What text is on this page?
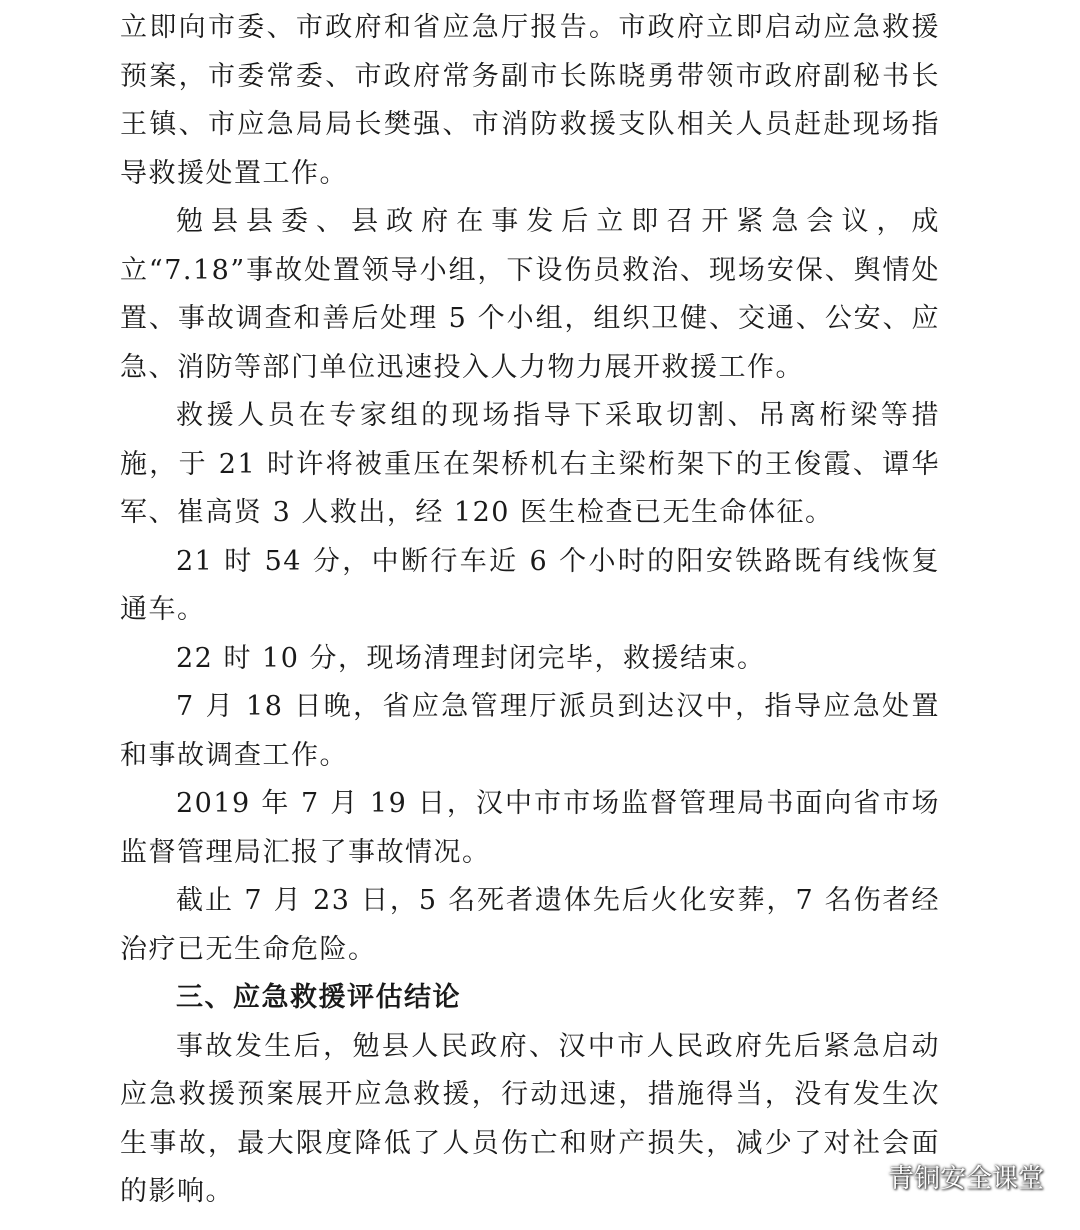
立即向市委、市政府和省应急厅报告。市政府立即启动应急救援预案，市委常委、市政府常务副市长陈晓勇带领市政府副秘书长王镇、市应急局局长樊强、市消防救援支队相关人员赶赴现场指导救援处置工作。

勉县县委、县政府在事发后立即召开紧急会议，成立“7.18”事故处置领导小组，下设伤员救治、现场安保、舆情处置、事故调查和善后处理 5 个小组，组织卫健、交通、公安、应急、消防等部门单位迅速投入人力物力展开救援工作。

救援人员在专家组的现场指导下采取切割、吊离桁梁等措施，于 21 时许将被重压在架桥机右主梁桁架下的王俊霞、谭华军、崔高贤 3 人救出，经 120 医生检查已无生命体征。

21 时 54 分，中断行车近 6 个小时的阳安铁路既有线恢复通车。

22 时 10 分，现场清理封闭完毕，救援结束。

7 月 18 日晚，省应急管理厅派员到达汉中，指导应急处置和事故调查工作。

2019 年 7 月 19 日，汉中市市场监督管理局书面向省市场监督管理局汇报了事故情况。

截止 7 月 23 日，5 名死者遗体先后火化安葬，7 名伤者经治疗已无生命危险。

三、应急救援评估结论

事故发生后，勉县人民政府、汉中市人民政府先后紧急启动应急救援预案展开应急救援，行动迅速，措施得当，没有发生次生事故，最大限度降低了人员伤亡和财产损失，减少了对社会面的影响。	青铜安全课堂
